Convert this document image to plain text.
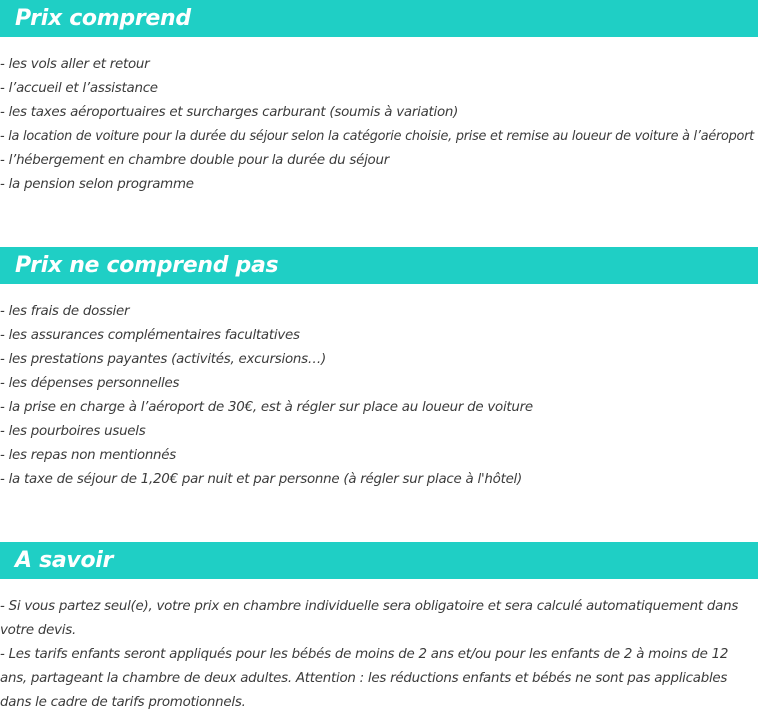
Prix comprend
- les vols aller et retour
- l’accueil et l’assistance
- les taxes aéroportuaires et surcharges carburant (soumis à variation)
- la location de voiture pour la durée du séjour selon la catégorie choisie, prise et remise au loueur de voiture à l’aéroport
- l’hébergement en chambre double pour la durée du séjour
- la pension selon programme
Prix ne comprend pas
- les frais de dossier
- les assurances complémentaires facultatives
- les prestations payantes (activités, excursions…)
- les dépenses personnelles
- la prise en charge à l’aéroport de 30€, est à régler sur place au loueur de voiture
- les pourboires usuels
- les repas non mentionnés
- la taxe de séjour de 1,20€ par nuit et par personne (à régler sur place à l'hôtel)
A savoir

- Si vous partez seul(e), votre prix en chambre individuelle sera obligatoire et sera calculé automatiquement dans votre devis.

- Les tarifs enfants seront appliqués pour les bébés de moins de 2 ans et/ou pour les enfants de 2 à moins de 12 ans, partageant la chambre de deux adultes. Attention : les réductions enfants et bébés ne sont pas applicables dans le cadre de tarifs promotionnels.
